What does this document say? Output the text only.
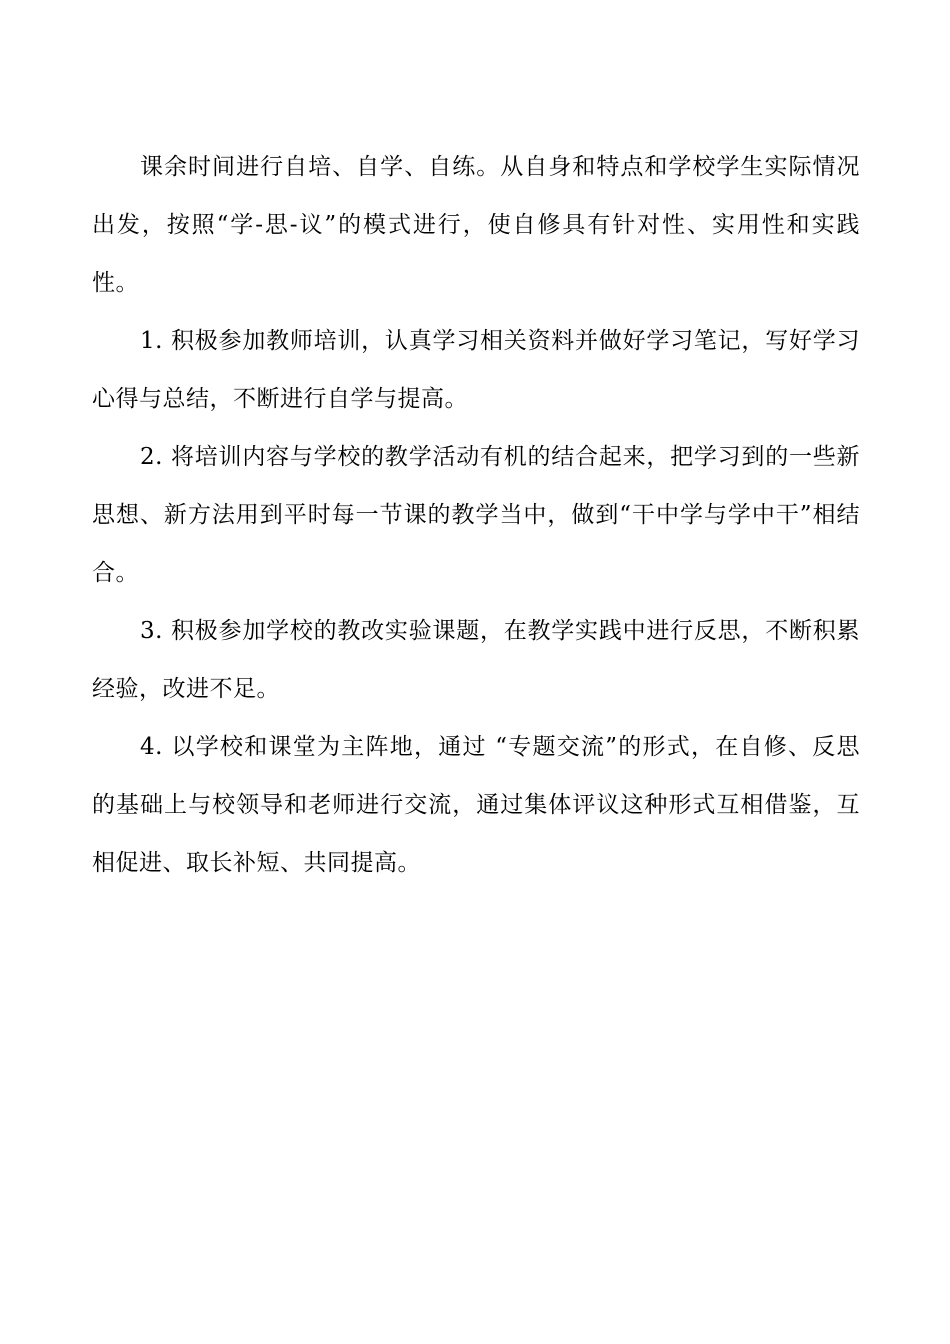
课余时间进行自培、自学、自练。从自身和特点和学校学生实际情况出发，按照“学-思-议”的模式进行，使自修具有针对性、实用性和实践性。

1. 积极参加教师培训，认真学习相关资料并做好学习笔记，写好学习心得与总结，不断进行自学与提高。

2. 将培训内容与学校的教学活动有机的结合起来，把学习到的一些新思想、新方法用到平时每一节课的教学当中，做到“干中学与学中干”相结合。

3. 积极参加学校的教改实验课题，在教学实践中进行反思，不断积累经验，改进不足。

4. 以学校和课堂为主阵地，通过 “专题交流”的形式，在自修、反思的基础上与校领导和老师进行交流，通过集体评议这种形式互相借鉴，互相促进、取长补短、共同提高。
